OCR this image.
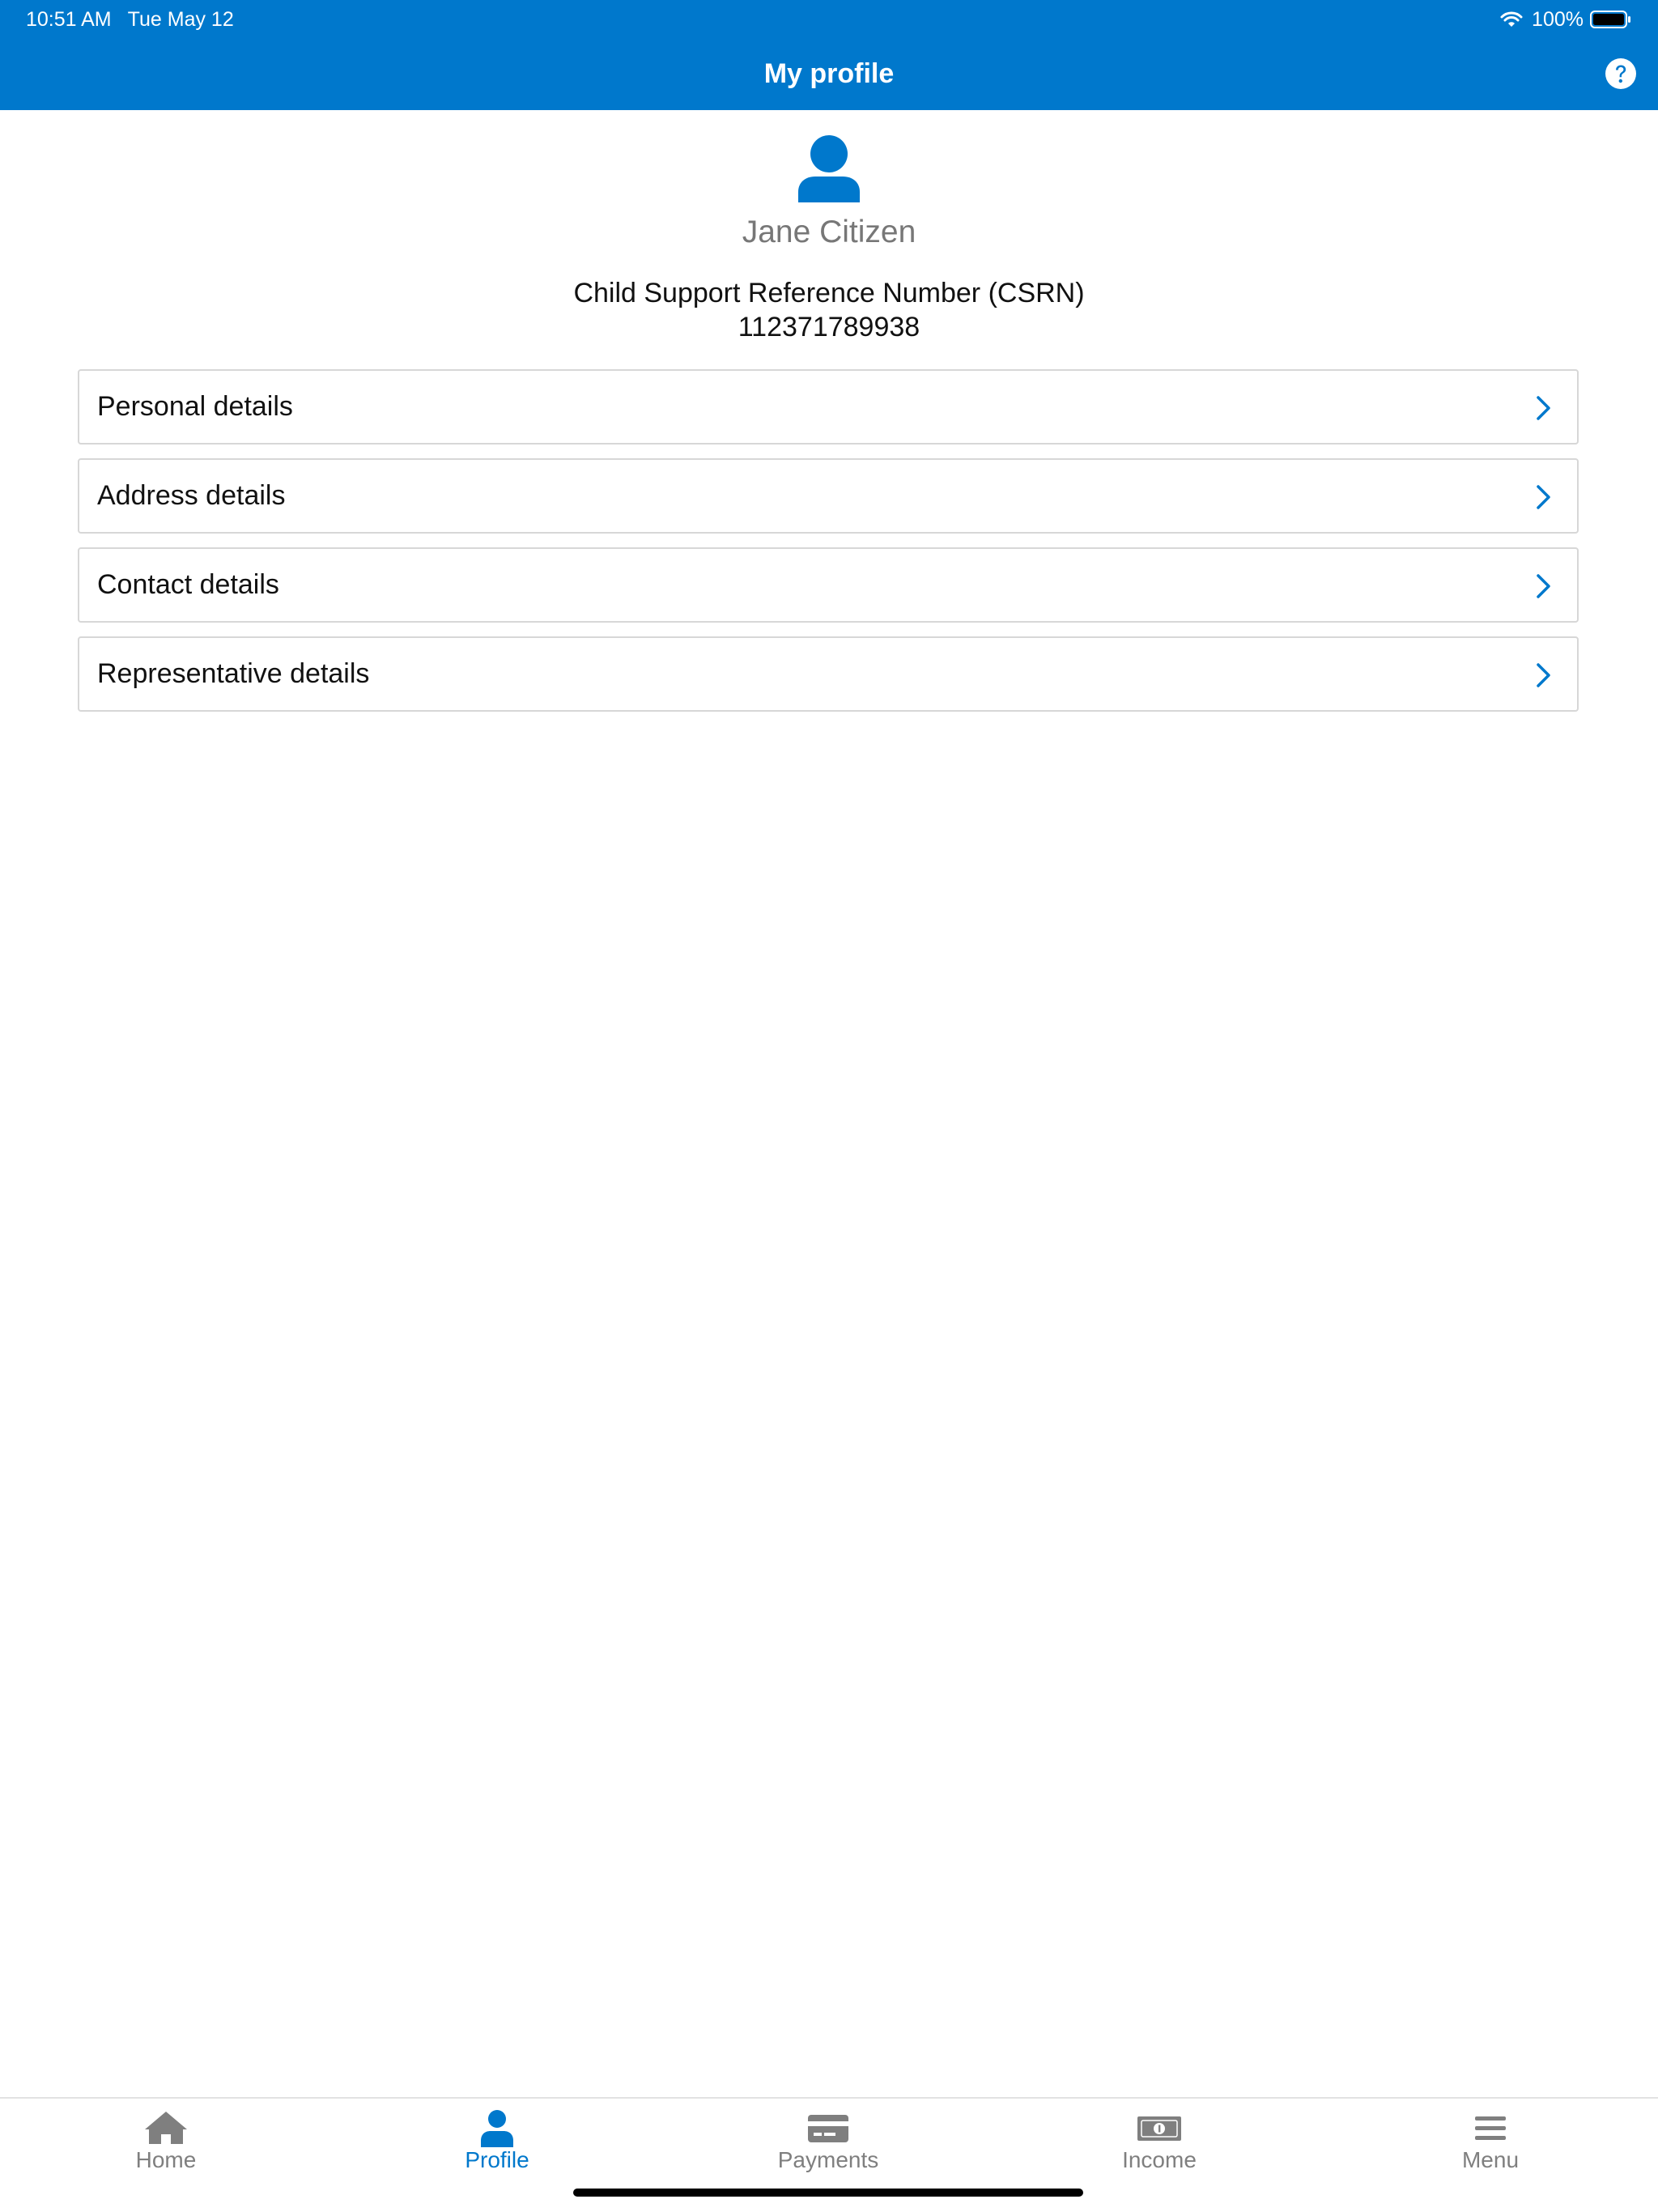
10:51 AM Tue May 12	100%
My profile
Jane Citizen
Child Support Reference Number (CSRN)
112371789938
Personal details
Address details
Contact details
Representative details
Home	Profile	Payments	Income	Menu
